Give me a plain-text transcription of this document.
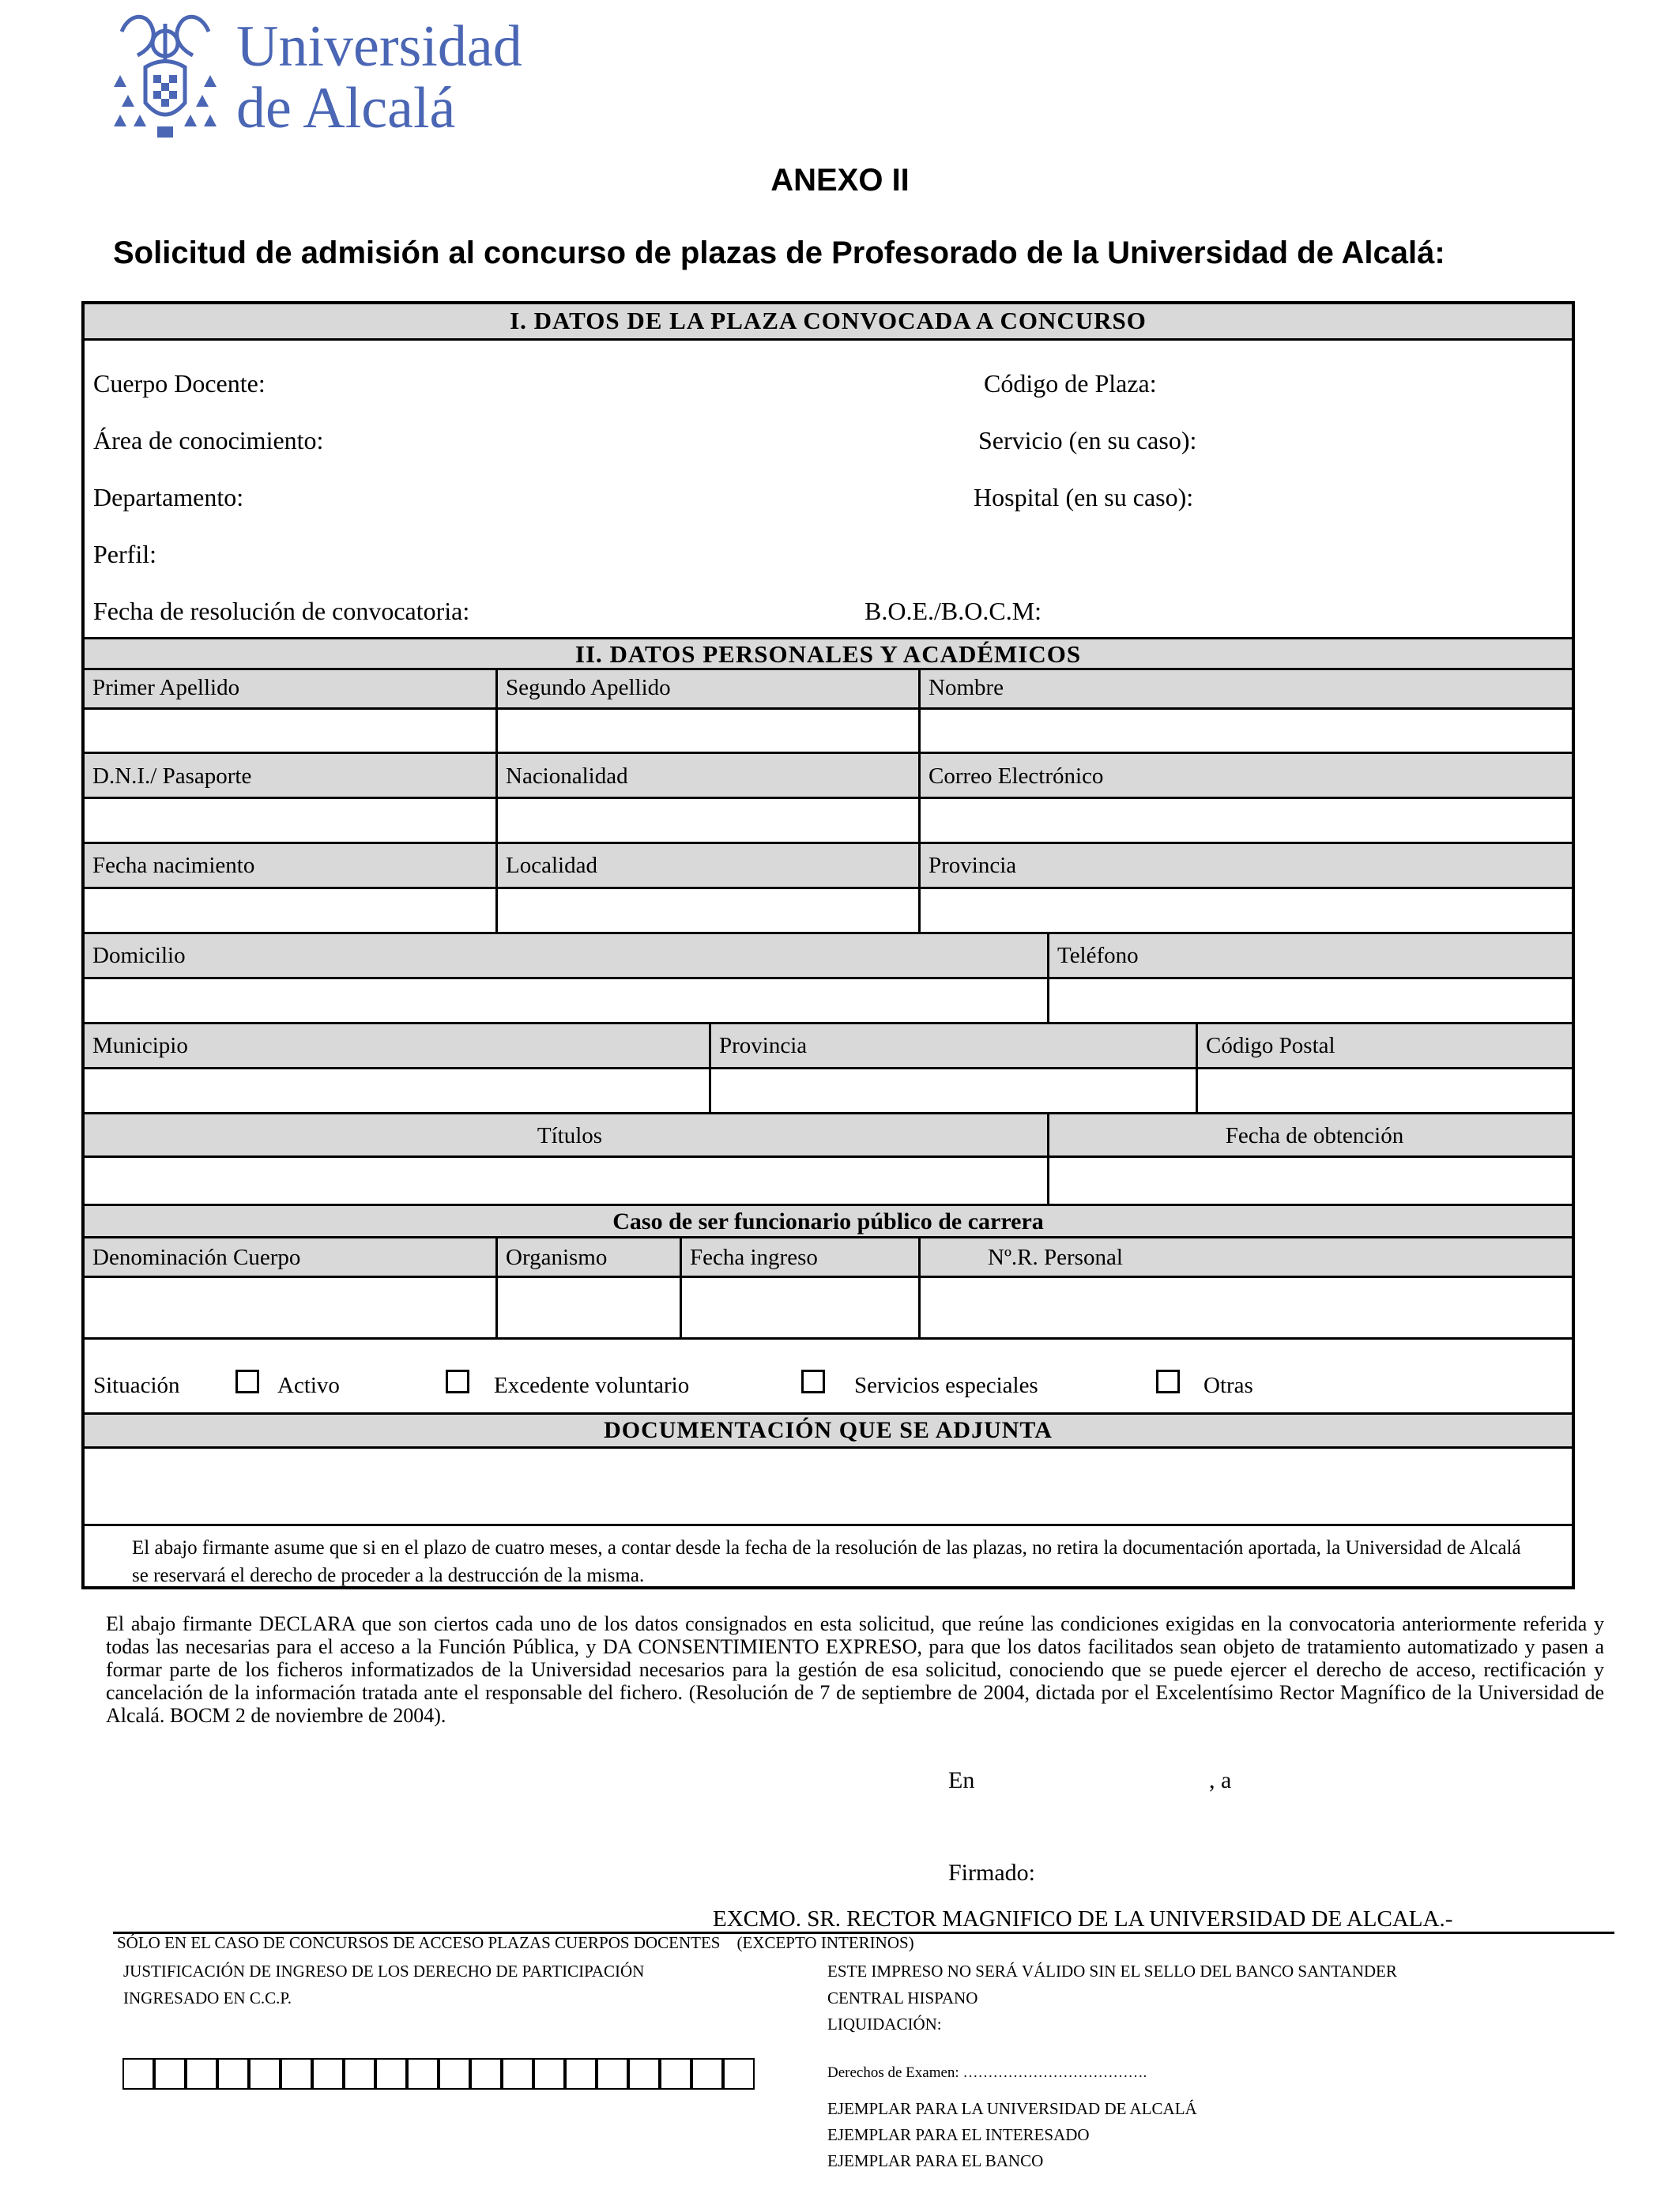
Universidad
de Alcalá
ANEXO II
Solicitud de admisión al concurso de plazas de Profesorado de la Universidad de Alcalá:
I. DATOS DE LA PLAZA CONVOCADA A CONCURSO
Cuerpo Docente:	Código de Plaza:
Área de conocimiento:	Servicio (en su caso):
Departamento:	Hospital (en su caso):
Perfil:
Fecha de resolución de convocatoria:	B.O.E./B.O.C.M:
II. DATOS PERSONALES Y ACADÉMICOS
Primer Apellido	Segundo Apellido	Nombre
D.N.I./ Pasaporte	Nacionalidad	Correo Electrónico
Fecha nacimiento	Localidad	Provincia
Domicilio	Teléfono
Municipio	Provincia	Código Postal
Títulos	Fecha de obtención
Caso de ser funcionario público de carrera
Denominación Cuerpo	Organismo	Fecha ingreso	Nº.R. Personal
Situación	Activo	Excedente voluntario	Servicios especiales	Otras
DOCUMENTACIÓN QUE SE ADJUNTA
El abajo firmante asume que si en el plazo de cuatro meses, a contar desde la fecha de la resolución de las plazas, no retira la documentación aportada, la Universidad de Alcalá se reservará el derecho de proceder a la destrucción de la misma.
El abajo firmante DECLARA que son ciertos cada uno de los datos consignados en esta solicitud, que reúne las condiciones exigidas en la convocatoria anteriormente referida y todas las necesarias para el acceso a la Función Pública, y DA CONSENTIMIENTO EXPRESO, para que los datos facilitados sean objeto de tratamiento automatizado y pasen a formar parte de los ficheros informatizados de la Universidad necesarios para la gestión de esa solicitud, conociendo que se puede ejercer el derecho de acceso, rectificación y cancelación de la información tratada ante el responsable del fichero. (Resolución de 7 de septiembre de 2004, dictada por el Excelentísimo Rector Magnífico de la Universidad de Alcalá. BOCM 2 de noviembre de 2004).
En	, a
Firmado:
EXCMO. SR. RECTOR MAGNIFICO DE LA UNIVERSIDAD DE ALCALA.-
SÓLO EN EL CASO DE CONCURSOS DE ACCESO PLAZAS CUERPOS DOCENTES    (EXCEPTO INTERINOS)
JUSTIFICACIÓN DE INGRESO DE LOS DERECHO DE PARTICIPACIÓN
INGRESADO EN C.C.P.
ESTE IMPRESO NO SERÁ VÁLIDO SIN EL SELLO DEL BANCO SANTANDER
CENTRAL HISPANO
LIQUIDACIÓN:
Derechos de Examen: ……………………………….
EJEMPLAR PARA LA UNIVERSIDAD DE ALCALÁ
EJEMPLAR PARA EL INTERESADO
EJEMPLAR PARA EL BANCO
